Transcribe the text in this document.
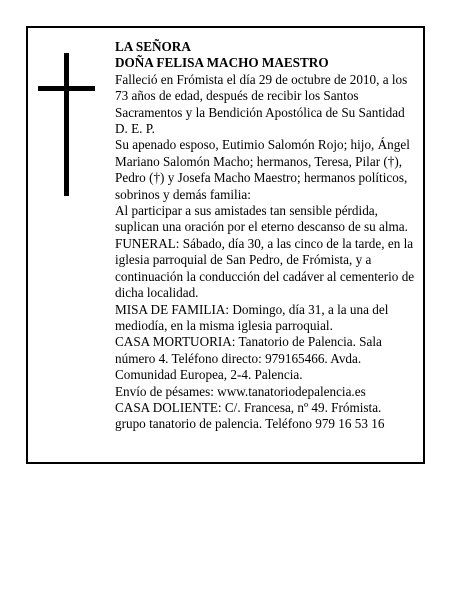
LA SEÑORA

DOÑA FELISA MACHO MAESTRO

Falleció en Frómista el día 29 de octubre de 2010, a los 73 años de edad, después de recibir los Santos Sacramentos y la Bendición Apostólica de Su Santidad D. E. P.

Su apenado esposo, Eutimio Salomón Rojo; hijo, Ángel Mariano Salomón Macho; hermanos, Teresa, Pilar (†), Pedro (†) y Josefa Macho Maestro; hermanos políticos, sobrinos y demás familia:

Al participar a sus amistades tan sensible pérdida, suplican una oración por el eterno descanso de su alma.

FUNERAL: Sábado, día 30, a las cinco de la tarde, en la iglesia parroquial de San Pedro, de Frómista, y a continuación la conducción del cadáver al cementerio de dicha localidad.

MISA DE FAMILIA: Domingo, día 31, a la una del mediodía, en la misma iglesia parroquial.

CASA MORTUORIA: Tanatorio de Palencia. Sala número 4. Teléfono directo: 979165466. Avda. Comunidad Europea, 2-4. Palencia.

Envío de pésames: www.tanatoriodepalencia.es

CASA DOLIENTE: C/. Francesa, nº 49. Frómista.

grupo tanatorio de palencia. Teléfono 979 16 53 16
